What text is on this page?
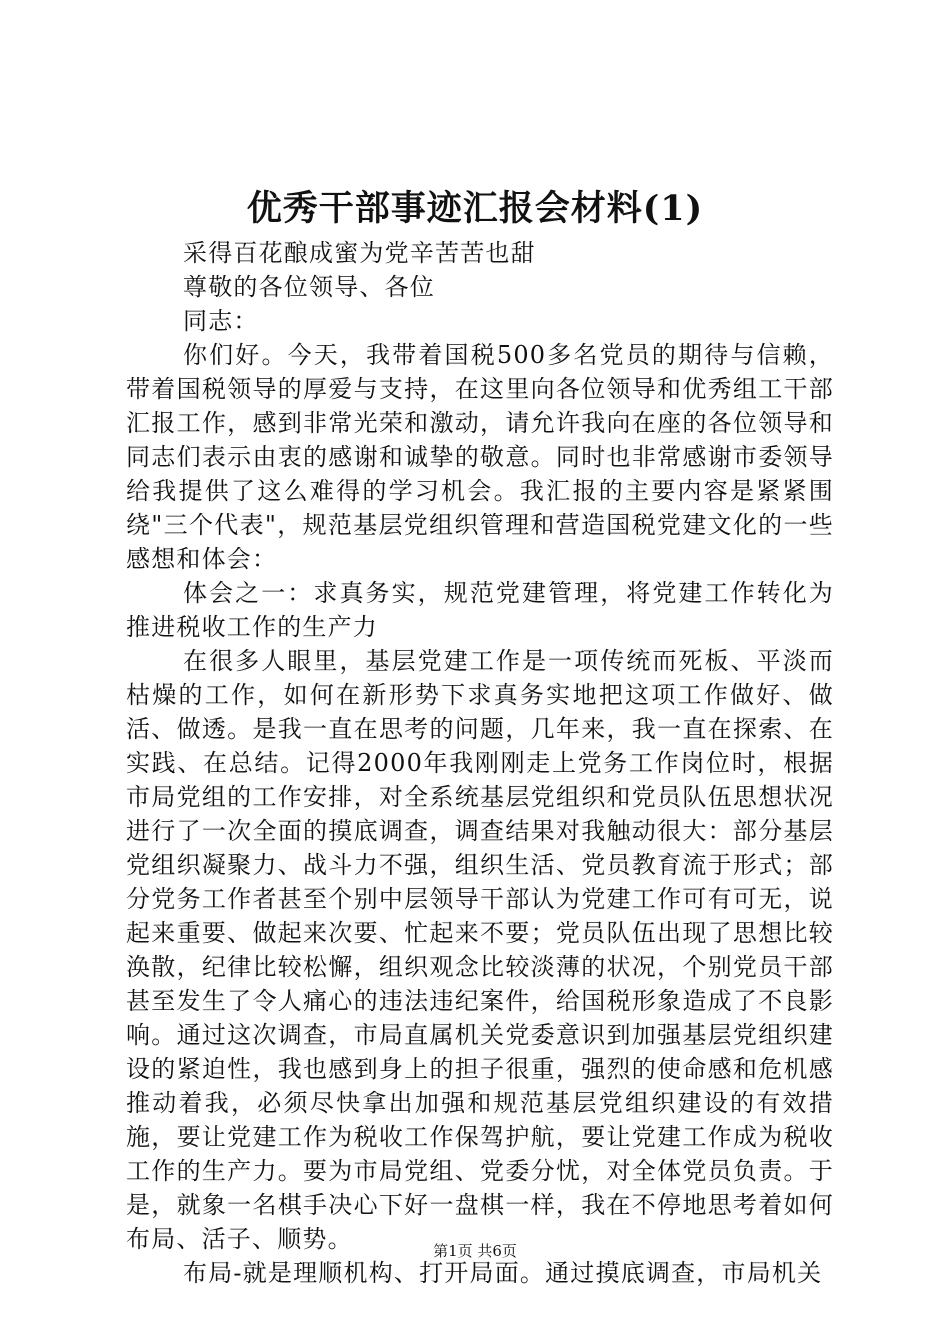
优秀干部事迹汇报会材料(1)

采得百花酿成蜜为党辛苦苦也甜

尊敬的各位领导、各位

同志：

你们好。今天，我带着国税500多名党员的期待与信赖，带着国税领导的厚爱与支持，在这里向各位领导和优秀组工干部汇报工作，感到非常光荣和激动，请允许我向在座的各位领导和同志们表示由衷的感谢和诚挚的敬意。同时也非常感谢市委领导给我提供了这么难得的学习机会。我汇报的主要内容是紧紧围绕"三个代表"，规范基层党组织管理和营造国税党建文化的一些感想和体会：

体会之一：求真务实，规范党建管理，将党建工作转化为推进税收工作的生产力

在很多人眼里，基层党建工作是一项传统而死板、平淡而枯燥的工作，如何在新形势下求真务实地把这项工作做好、做活、做透。是我一直在思考的问题，几年来，我一直在探索、在实践、在总结。记得2000年我刚刚走上党务工作岗位时，根据市局党组的工作安排，对全系统基层党组织和党员队伍思想状况进行了一次全面的摸底调查，调查结果对我触动很大：部分基层党组织凝聚力、战斗力不强，组织生活、党员教育流于形式；部分党务工作者甚至个别中层领导干部认为党建工作可有可无，说起来重要、做起来次要、忙起来不要；党员队伍出现了思想比较涣散，纪律比较松懈，组织观念比较淡薄的状况，个别党员干部甚至发生了令人痛心的违法违纪案件，给国税形象造成了不良影响。通过这次调查，市局直属机关党委意识到加强基层党组织建设的紧迫性，我也感到身上的担子很重，强烈的使命感和危机感推动着我，必须尽快拿出加强和规范基层党组织建设的有效措施，要让党建工作为税收工作保驾护航，要让党建工作成为税收工作的生产力。要为市局党组、党委分忧，对全体党员负责。于是，就象一名棋手决心下好一盘棋一样，我在不停地思考着如何布局、活子、顺势。

布局-就是理顺机构、打开局面。通过摸底调查，市局机关

第1页 共6页
